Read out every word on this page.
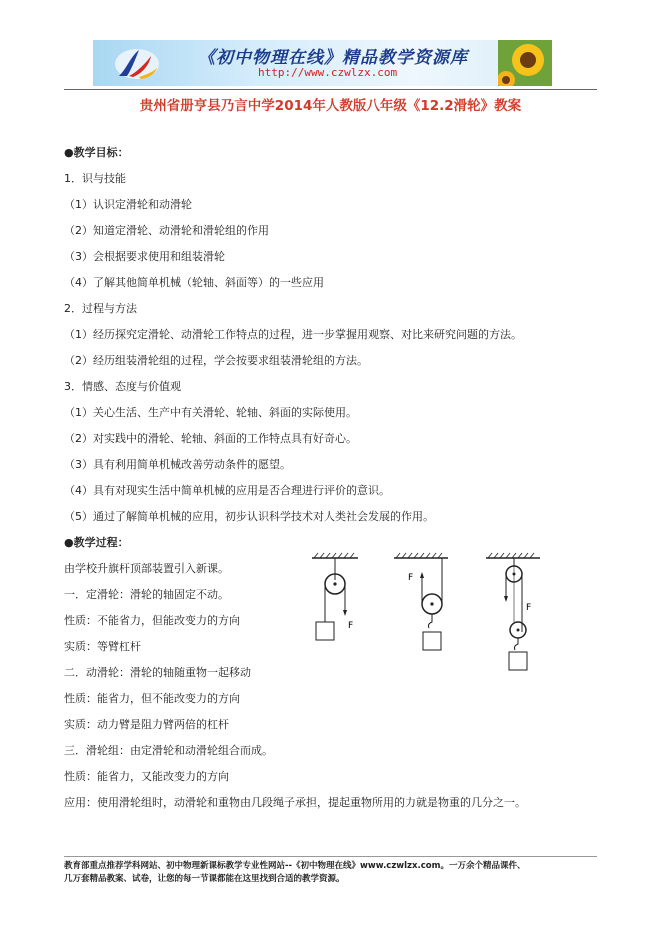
《初中物理在线》精品教学资源库
http://www.czwlzx.com
贵州省册亨县乃言中学2014年人教版八年级《12.2滑轮》教案
●教学目标：
1．识与技能
（1）认识定滑轮和动滑轮
（2）知道定滑轮、动滑轮和滑轮组的作用
（3）会根据要求使用和组装滑轮
（4）了解其他简单机械（轮轴、斜面等）的一些应用
2．过程与方法
（1）经历探究定滑轮、动滑轮工作特点的过程，进一步掌握用观察、对比来研究问题的方法。
（2）经历组装滑轮组的过程，学会按要求组装滑轮组的方法。
3．情感、态度与价值观
（1）关心生活、生产中有关滑轮、轮轴、斜面的实际使用。
（2）对实践中的滑轮、轮轴、斜面的工作特点具有好奇心。
（3）具有利用简单机械改善劳动条件的愿望。
（4）具有对现实生活中简单机械的应用是否合理进行评价的意识。
（5）通过了解简单机械的应用，初步认识科学技术对人类社会发展的作用。
●教学过程：
由学校升旗杆顶部装置引入新课。
一．定滑轮：滑轮的轴固定不动。
性质：不能省力，但能改变力的方向
实质：等臂杠杆
二．动滑轮：滑轮的轴随重物一起移动
性质：能省力，但不能改变力的方向
实质：动力臂是阻力臂两倍的杠杆
三．滑轮组：由定滑轮和动滑轮组合而成。
性质：能省力，又能改变力的方向
应用：使用滑轮组时，动滑轮和重物由几段绳子承担，提起重物所用的力就是物重的几分之一。
F
F
F
教育部重点推荐学科网站、初中物理新课标教学专业性网站--《初中物理在线》www.czwlzx.com。一万余个精品课件、
几万套精品教案、试卷，让您的每一节课都能在这里找到合适的教学资源。
